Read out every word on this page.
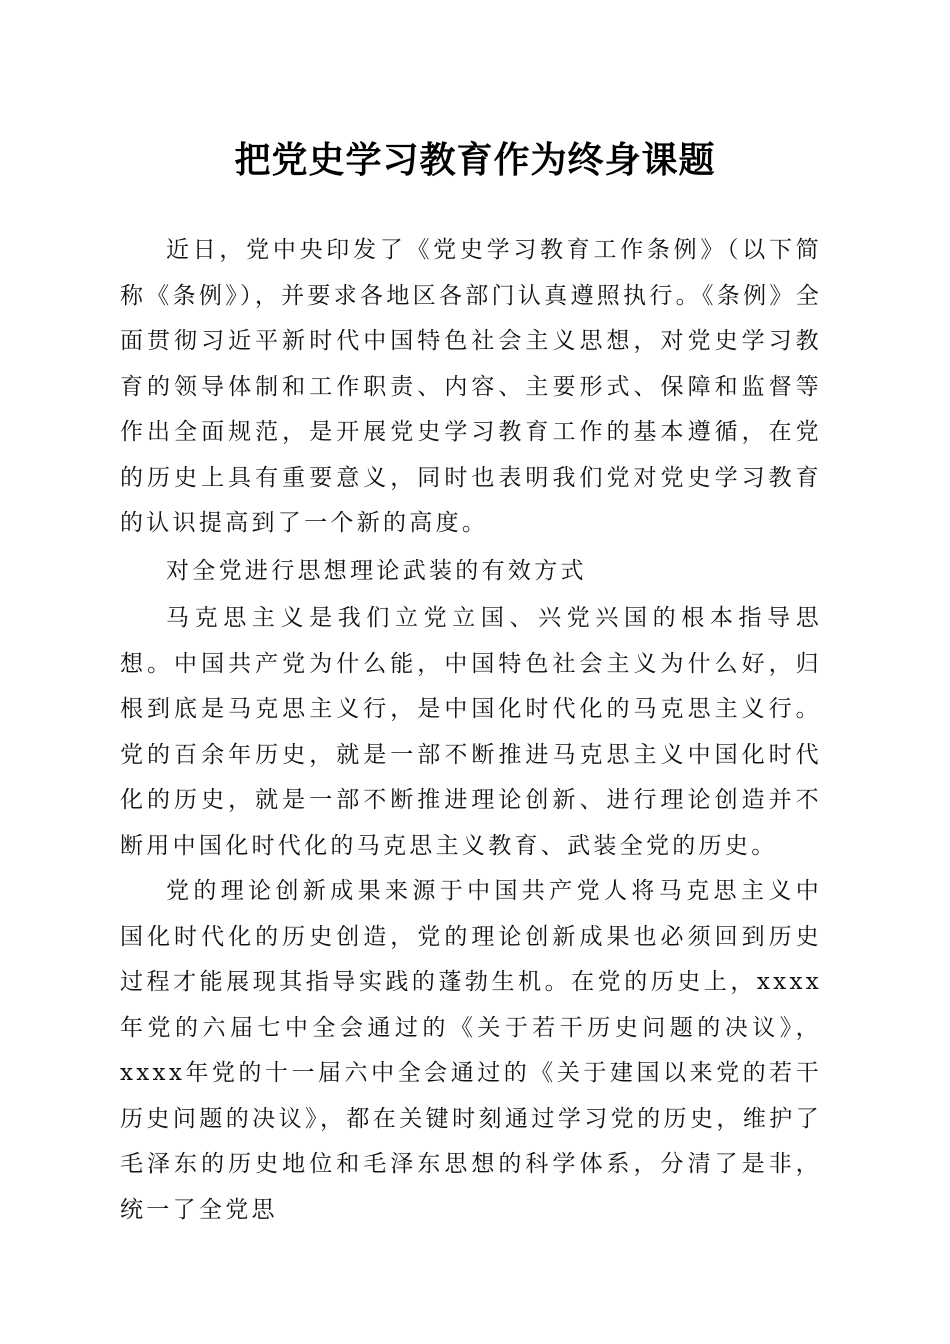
把党史学习教育作为终身课题

近日，党中央印发了《党史学习教育工作条例》（以下简称《条例》），并要求各地区各部门认真遵照执行。《条例》全面贯彻习近平新时代中国特色社会主义思想，对党史学习教育的领导体制和工作职责、内容、主要形式、保障和监督等作出全面规范，是开展党史学习教育工作的基本遵循，在党的历史上具有重要意义，同时也表明我们党对党史学习教育的认识提高到了一个新的高度。

对全党进行思想理论武装的有效方式

马克思主义是我们立党立国、兴党兴国的根本指导思想。中国共产党为什么能，中国特色社会主义为什么好，归根到底是马克思主义行，是中国化时代化的马克思主义行。党的百余年历史，就是一部不断推进马克思主义中国化时代化的历史，就是一部不断推进理论创新、进行理论创造并不断用中国化时代化的马克思主义教育、武装全党的历史。

党的理论创新成果来源于中国共产党人将马克思主义中国化时代化的历史创造，党的理论创新成果也必须回到历史过程才能展现其指导实践的蓬勃生机。在党的历史上，xxxx年党的六届七中全会通过的《关于若干历史问题的决议》，xxxx年党的十一届六中全会通过的《关于建国以来党的若干历史问题的决议》，都在关键时刻通过学习党的历史，维护了毛泽东的历史地位和毛泽东思想的科学体系，分清了是非，统一了全党思
